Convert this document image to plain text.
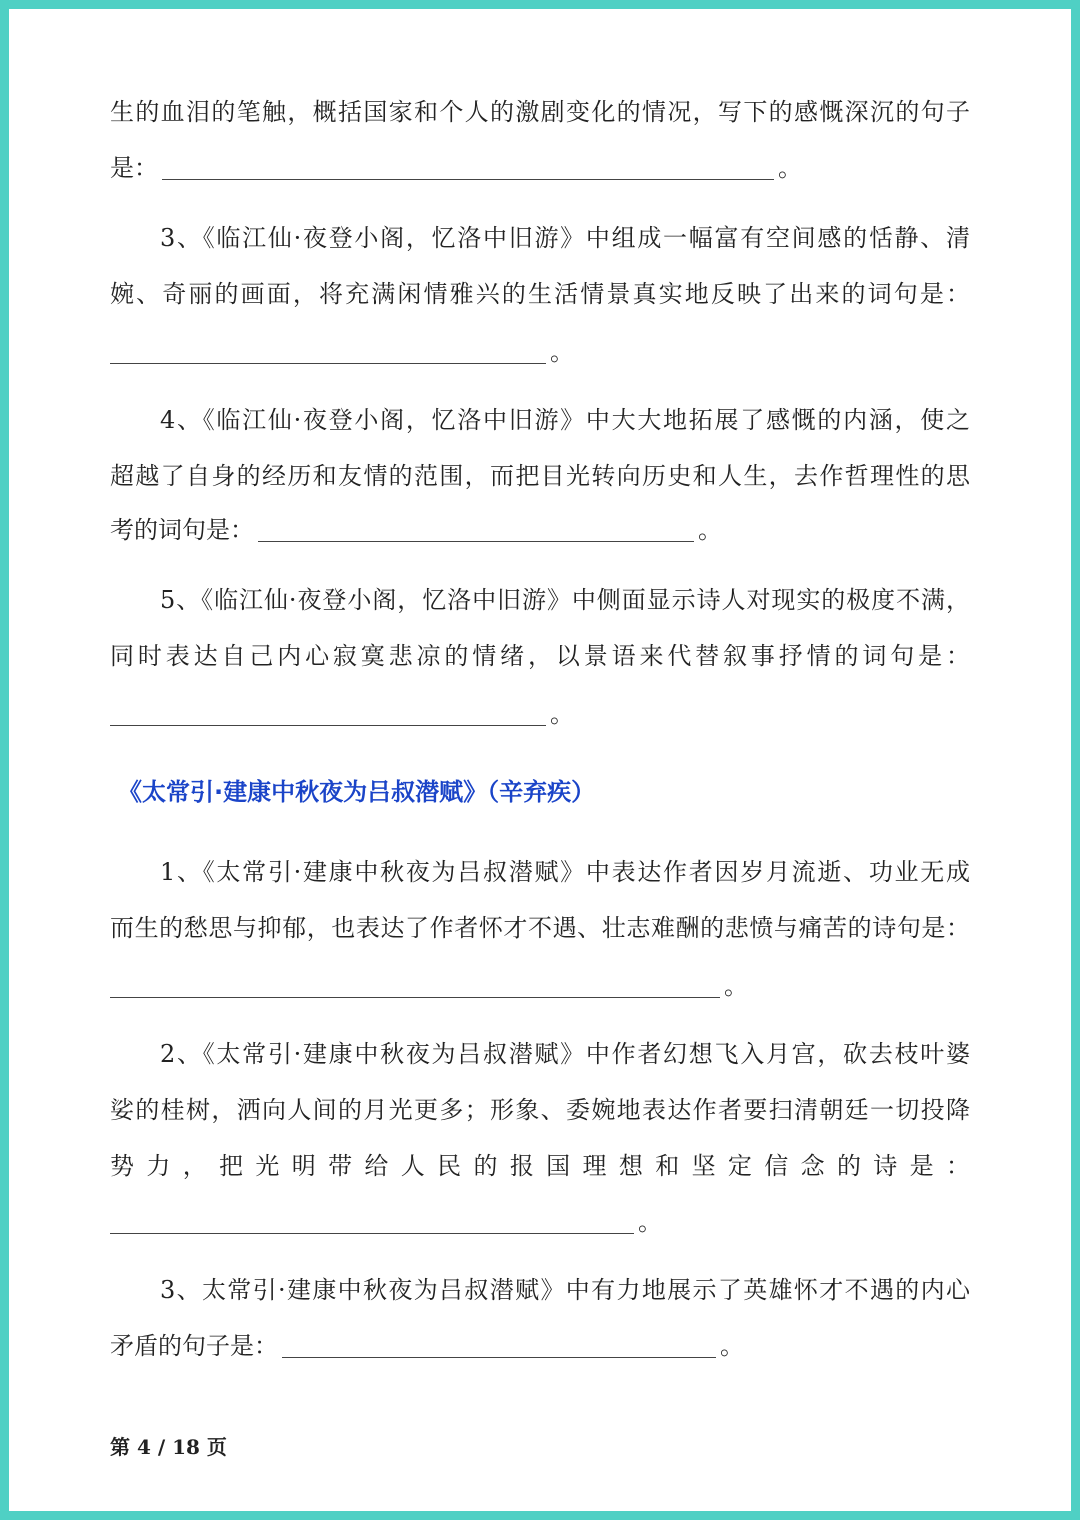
生的血泪的笔触，概括国家和个人的激剧变化的情况，写下的感慨深沉的句子
是：	。
3、《临江仙·夜登小阁，忆洛中旧游》中组成一幅富有空间感的恬静、清
婉、奇丽的画面，将充满闲情雅兴的生活情景真实地反映了出来的词句是：
。
4、《临江仙·夜登小阁，忆洛中旧游》中大大地拓展了感慨的内涵，使之
超越了自身的经历和友情的范围，而把目光转向历史和人生，去作哲理性的思
考的词句是：	。
5、《临江仙·夜登小阁，忆洛中旧游》中侧面显示诗人对现实的极度不满，
同时表达自己内心寂寞悲凉的情绪，以景语来代替叙事抒情的词句是：
。
《太常引·建康中秋夜为吕叔潜赋》（辛弃疾）
1、《太常引·建康中秋夜为吕叔潜赋》中表达作者因岁月流逝、功业无成
而生的愁思与抑郁，也表达了作者怀才不遇、壮志难酬的悲愤与痛苦的诗句是：
。
2、《太常引·建康中秋夜为吕叔潜赋》中作者幻想飞入月宫，砍去枝叶婆
娑的桂树，洒向人间的月光更多；形象、委婉地表达作者要扫清朝廷一切投降
势力，把光明带给人民的报国理想和坚定信念的诗是：
。
3、太常引·建康中秋夜为吕叔潜赋》中有力地展示了英雄怀才不遇的内心
矛盾的句子是：	。
第 4 / 18 页
